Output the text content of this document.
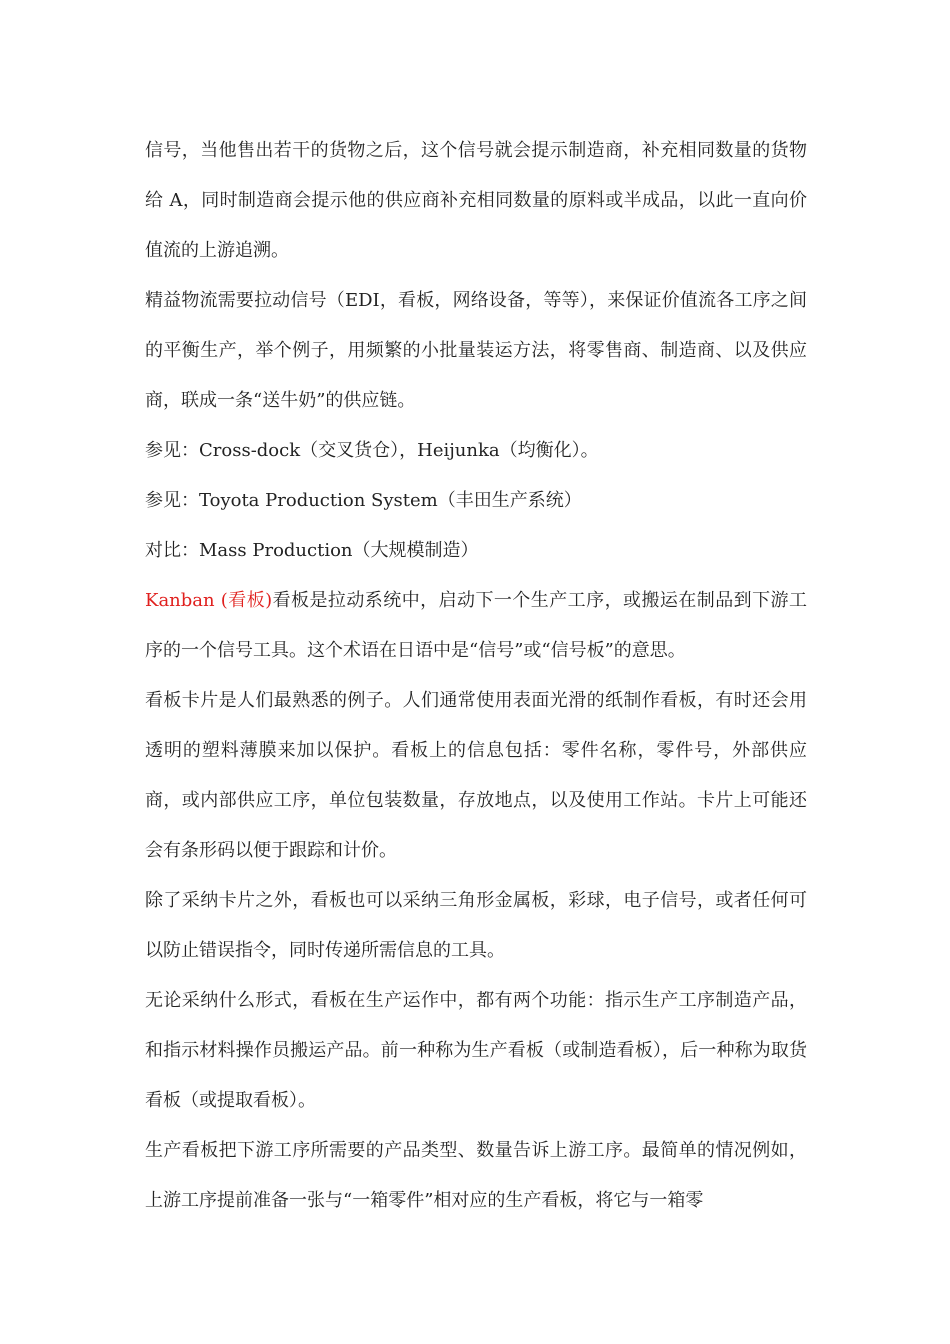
信号，当他售出若干的货物之后，这个信号就会提示制造商，补充相同数量的货物给 A，同时制造商会提示他的供应商补充相同数量的原料或半成品，以此一直向价值流的上游追溯。

精益物流需要拉动信号（EDI，看板，网络设备，等等），来保证价值流各工序之间的平衡生产，举个例子，用频繁的小批量装运方法，将零售商、制造商、以及供应商，联成一条“送牛奶”的供应链。

参见：Cross-dock（交叉货仓），Heijunka（均衡化）。

参见：Toyota Production System（丰田生产系统）

对比：Mass Production（大规模制造）

Kanban (看板)看板是拉动系统中，启动下一个生产工序，或搬运在制品到下游工序的一个信号工具。这个术语在日语中是“信号”或“信号板”的意思。

看板卡片是人们最熟悉的例子。人们通常使用表面光滑的纸制作看板，有时还会用透明的塑料薄膜来加以保护。看板上的信息包括：零件名称，零件号，外部供应商，或内部供应工序，单位包装数量，存放地点，以及使用工作站。卡片上可能还会有条形码以便于跟踪和计价。

除了采纳卡片之外，看板也可以采纳三角形金属板，彩球，电子信号，或者任何可以防止错误指令，同时传递所需信息的工具。

无论采纳什么形式，看板在生产运作中，都有两个功能：指示生产工序制造产品，和指示材料操作员搬运产品。前一种称为生产看板（或制造看板），后一种称为取货看板（或提取看板）。

生产看板把下游工序所需要的产品类型、数量告诉上游工序。最简单的情况例如，上游工序提前准备一张与“一箱零件”相对应的生产看板，将它与一箱零
